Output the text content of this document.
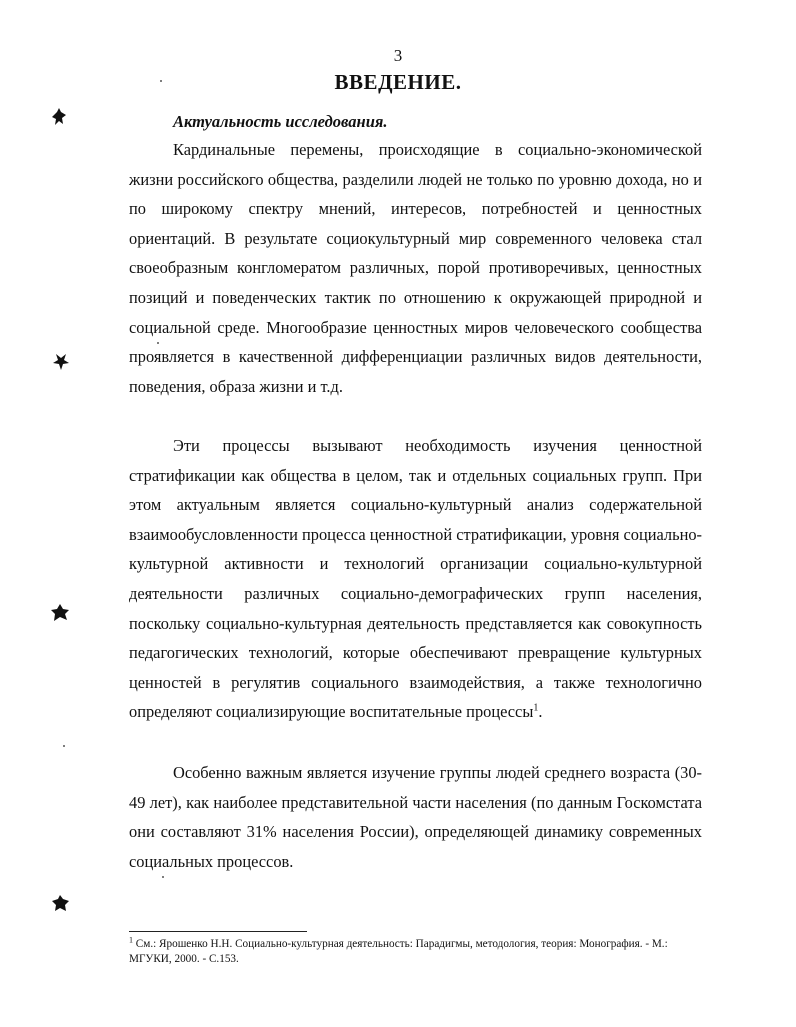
3
ВВЕДЕНИЕ.
Актуальность исследования.

Кардинальные перемены, происходящие в социально-экономической жизни российского общества, разделили людей не только по уровню дохода, но и по широкому спектру мнений, интересов, потребностей и ценностных ориентаций. В результате социокультурный мир современного человека стал своеобразным конгломератом различных, порой противоречивых, ценностных позиций и поведенческих тактик по отношению к окружающей природной и социальной среде. Многообразие ценностных миров человеческого сообщества проявляется в качественной дифференциации различных видов деятельности, поведения, образа жизни и т.д.

Эти процессы вызывают необходимость изучения ценностной стратификации как общества в целом, так и отдельных социальных групп. При этом актуальным является социально-культурный анализ содержательной взаимообусловленности процесса ценностной стратификации, уровня социально-культурной активности и технологий организации социально-культурной деятельности различных социально-демографических групп населения, поскольку социально-культурная деятельность представляется как совокупность педагогических технологий, которые обеспечивают превращение культурных ценностей в регулятив социального взаимодействия, а также технологично определяют социализирующие воспитательные процессы$^1$.

Особенно важным является изучение группы людей среднего возраста (30-49 лет), как наиболее представительной части населения (по данным Госкомстата они составляют 31% населения России), определяющей динамику современных социальных процессов.

$^1$ См.: Ярошенко Н.Н. Социально-культурная деятельность: Парадигмы, методология, теория: Монография. - М.: МГУКИ, 2000. - С.153.
